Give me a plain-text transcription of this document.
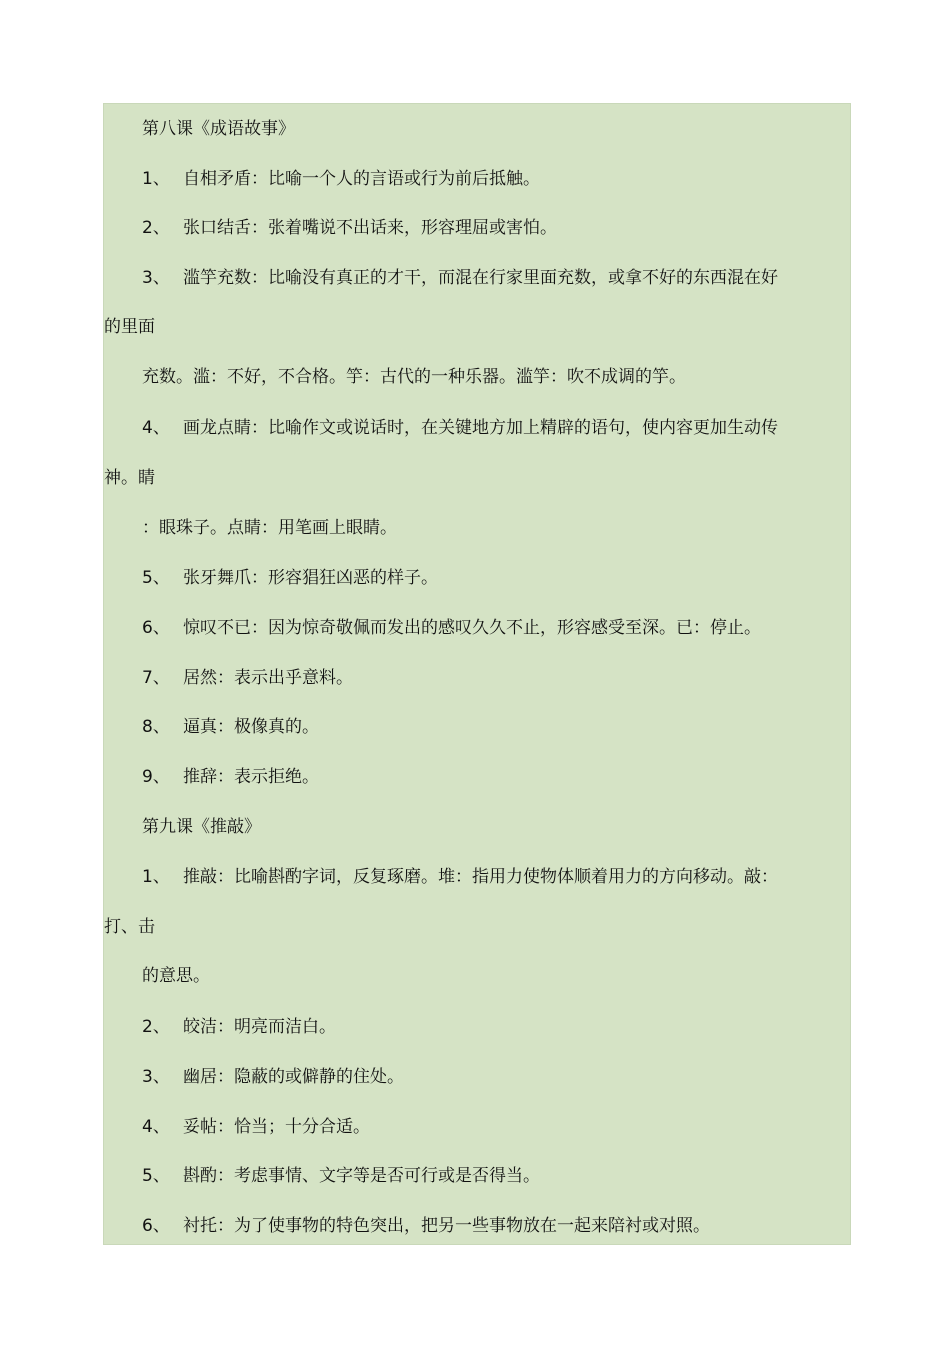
第八课《成语故事》
1、 自相矛盾：比喻一个人的言语或行为前后抵触。
2、 张口结舌：张着嘴说不出话来，形容理屈或害怕。
3、 滥竽充数：比喻没有真正的才干，而混在行家里面充数，或拿不好的东西混在好
的里面
充数。滥：不好，不合格。竽：古代的一种乐器。滥竽：吹不成调的竽。
4、 画龙点睛：比喻作文或说话时，在关键地方加上精辟的语句，使内容更加生动传
神。睛
：眼珠子。点睛：用笔画上眼睛。
5、 张牙舞爪：形容猖狂凶恶的样子。
6、 惊叹不已：因为惊奇敬佩而发出的感叹久久不止，形容感受至深。已：停止。
7、 居然：表示出乎意料。
8、 逼真：极像真的。
9、 推辞：表示拒绝。
第九课《推敲》
1、 推敲：比喻斟酌字词，反复琢磨。堆：指用力使物体顺着用力的方向移动。敲：
打、击
的意思。
2、 皎洁：明亮而洁白。
3、 幽居：隐蔽的或僻静的住处。
4、 妥帖：恰当；十分合适。
5、 斟酌：考虑事情、文字等是否可行或是否得当。
6、 衬托：为了使事物的特色突出，把另一些事物放在一起来陪衬或对照。
